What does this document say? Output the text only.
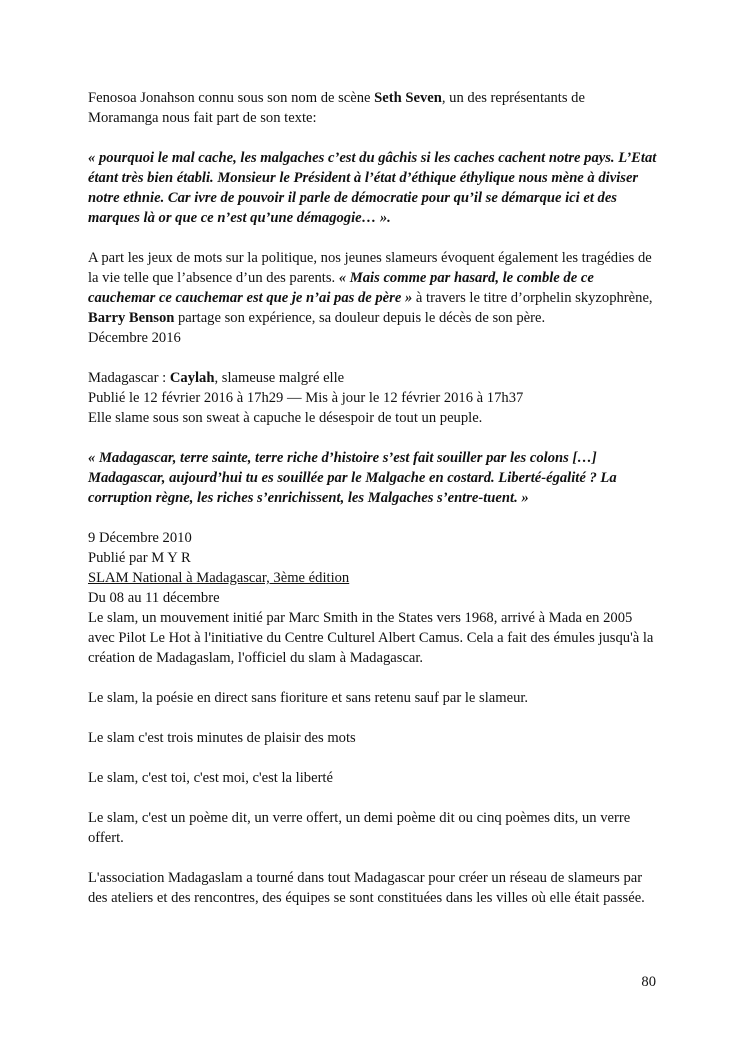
Fenosoa Jonahson connu sous son nom de scène Seth Seven, un des représentants de Moramanga nous fait part de son texte:

« pourquoi le mal cache, les malgaches c’est du gâchis si les caches cachent notre pays. L’Etat étant très bien établi. Monsieur le Président à l’état d’éthique éthylique nous mène à diviser notre ethnie. Car ivre de pouvoir il parle de démocratie pour qu’il se démarque ici et des marques là or que ce n’est qu’une démagogie… ».

A part les jeux de mots sur la politique, nos jeunes slameurs évoquent également les tragédies de la vie telle que l’absence d’un des parents. « Mais comme par hasard, le comble de ce cauchemar ce cauchemar est que je n’ai pas de père » à travers le titre d’orphelin skyzophrène, Barry Benson partage son expérience, sa douleur depuis le décès de son père.

Décembre 2016

Madagascar : Caylah, slameuse malgré elle

Publié le 12 février 2016 à 17h29 — Mis à jour le 12 février 2016 à 17h37

Elle slame sous son sweat à capuche le désespoir de tout un peuple.

« Madagascar, terre sainte, terre riche d’histoire s’est fait souiller par les colons […] Madagascar, aujourd’hui tu es souillée par le Malgache en costard. Liberté-égalité ? La corruption règne, les riches s’enrichissent, les Malgaches s’entre-tuent. »

9 Décembre 2010

Publié par M Y R

SLAM National à Madagascar, 3ème édition

Du 08 au 11 décembre

Le slam, un mouvement initié par Marc Smith in the States vers 1968, arrivé à Mada en 2005 avec Pilot Le Hot à l'initiative du Centre Culturel Albert Camus. Cela a fait des émules jusqu'à la création de Madagaslam, l'officiel du slam à Madagascar.

Le slam, la poésie en direct sans fioriture et sans retenu sauf par le slameur.

Le slam c'est trois minutes de plaisir des mots

Le slam, c'est toi, c'est moi, c'est la liberté

Le slam, c'est un poème dit, un verre offert, un demi poème dit ou cinq poèmes dits, un verre offert.

L'association Madagaslam a tourné dans tout Madagascar pour créer un réseau de slameurs par des ateliers et des rencontres, des équipes se sont constituées dans les villes où elle était passée.

80
